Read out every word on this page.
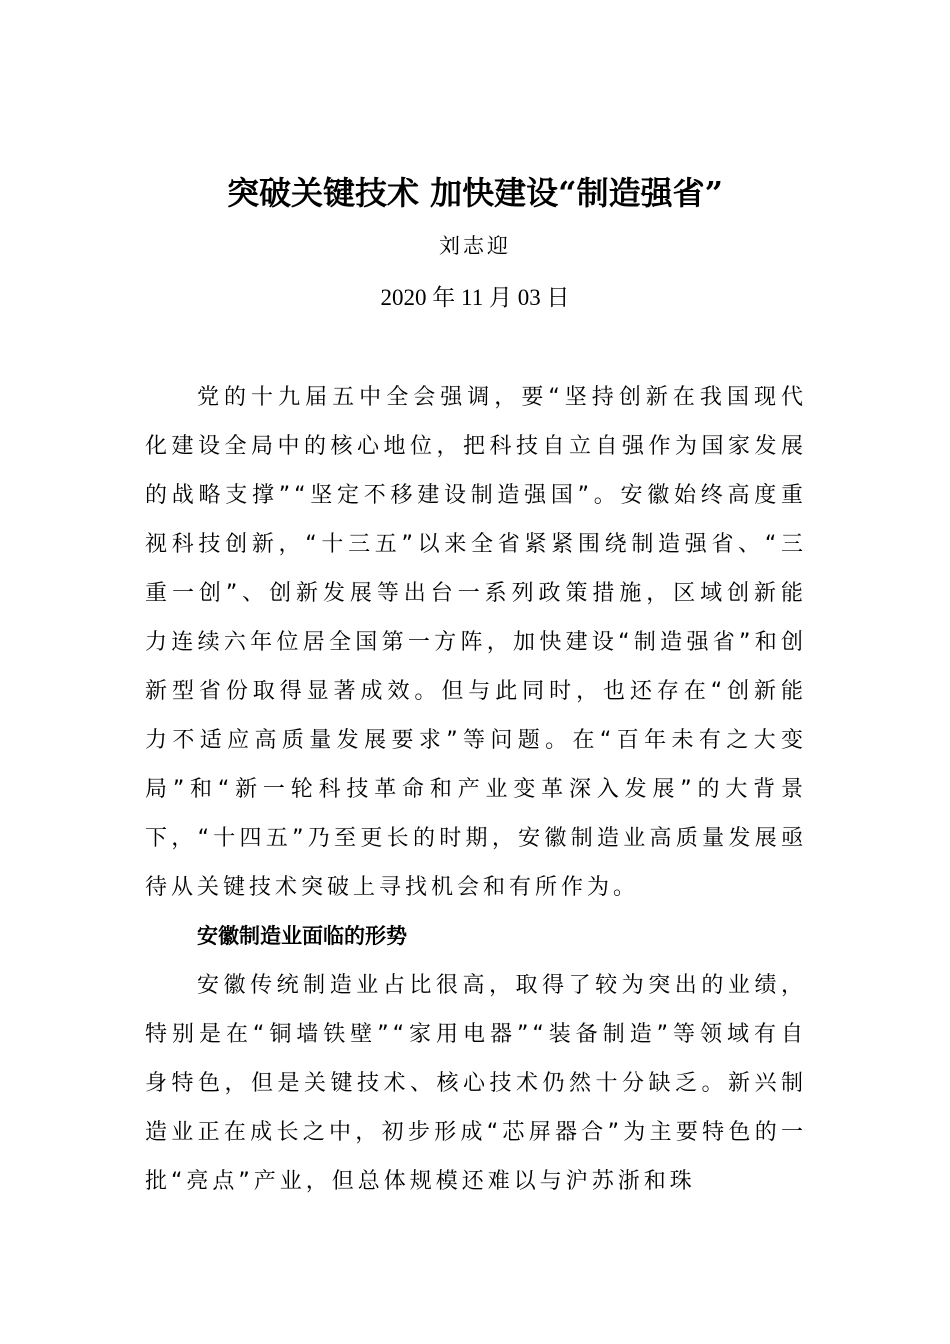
突破关键技术 加快建设“制造强省”
刘志迎
2020 年 11 月 03 日

党的十九届五中全会强调，要“坚持创新在我国现代化建设全局中的核心地位，把科技自立自强作为国家发展的战略支撑”“坚定不移建设制造强国”。安徽始终高度重视科技创新，“十三五”以来全省紧紧围绕制造强省、“三重一创”、创新发展等出台一系列政策措施，区域创新能力连续六年位居全国第一方阵，加快建设“制造强省”和创新型省份取得显著成效。但与此同时，也还存在“创新能力不适应高质量发展要求”等问题。在“百年未有之大变局”和“新一轮科技革命和产业变革深入发展”的大背景下，“十四五”乃至更长的时期，安徽制造业高质量发展亟待从关键技术突破上寻找机会和有所作为。

安徽制造业面临的形势

安徽传统制造业占比很高，取得了较为突出的业绩，特别是在“铜墙铁壁”“家用电器”“装备制造”等领域有自身特色，但是关键技术、核心技术仍然十分缺乏。新兴制造业正在成长之中，初步形成“芯屏器合”为主要特色的一批“亮点”产业，但总体规模还难以与沪苏浙和珠
